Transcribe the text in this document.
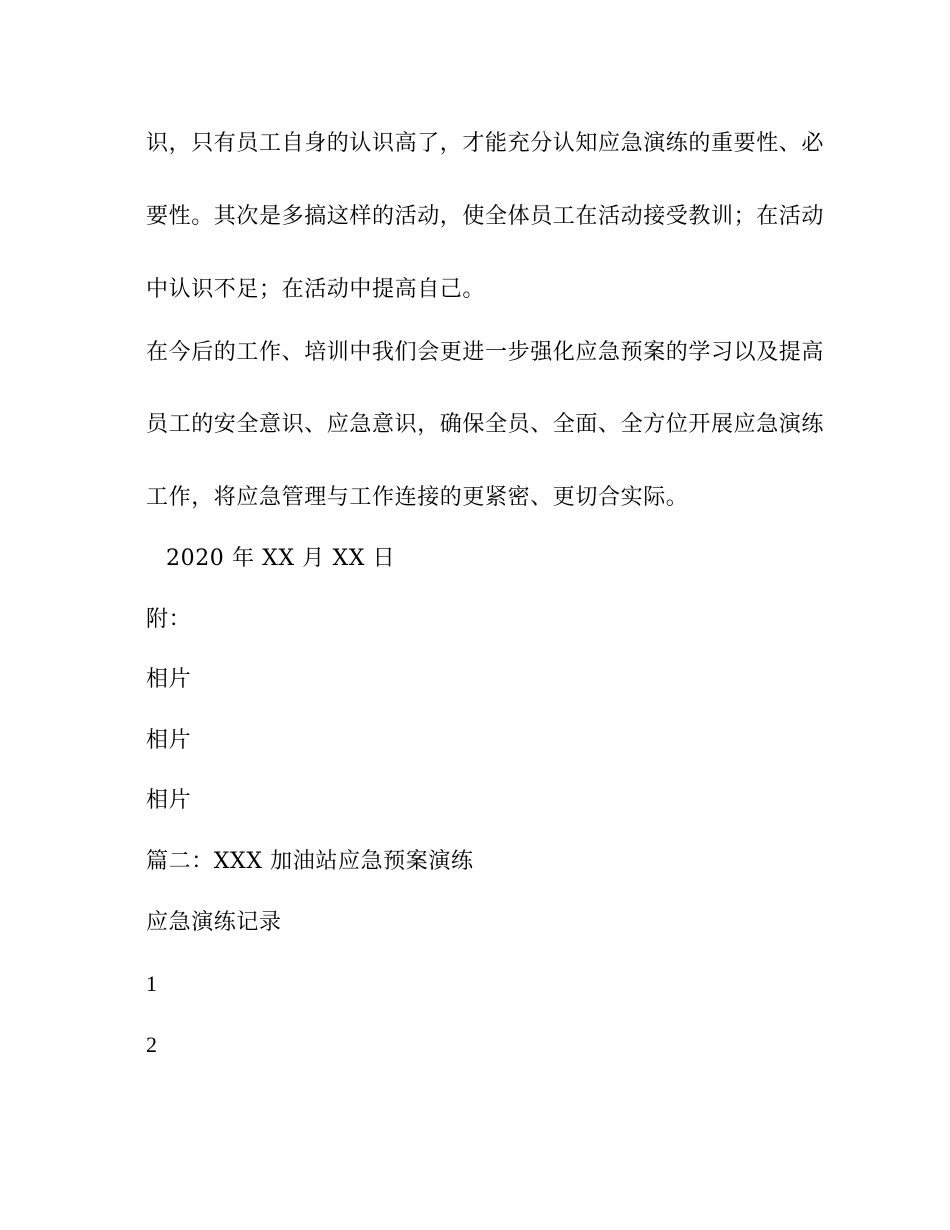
识，只有员工自身的认识高了，才能充分认知应急演练的重要性、必
要性。其次是多搞这样的活动，使全体员工在活动接受教训；在活动
中认识不足；在活动中提高自己。
在今后的工作、培训中我们会更进一步强化应急预案的学习以及提高
员工的安全意识、应急意识，确保全员、全面、全方位开展应急演练
工作，将应急管理与工作连接的更紧密、更切合实际。
2020 年 XX 月 XX 日
附：
相片
相片
相片
篇二：XXX 加油站应急预案演练
应急演练记录
1
2
